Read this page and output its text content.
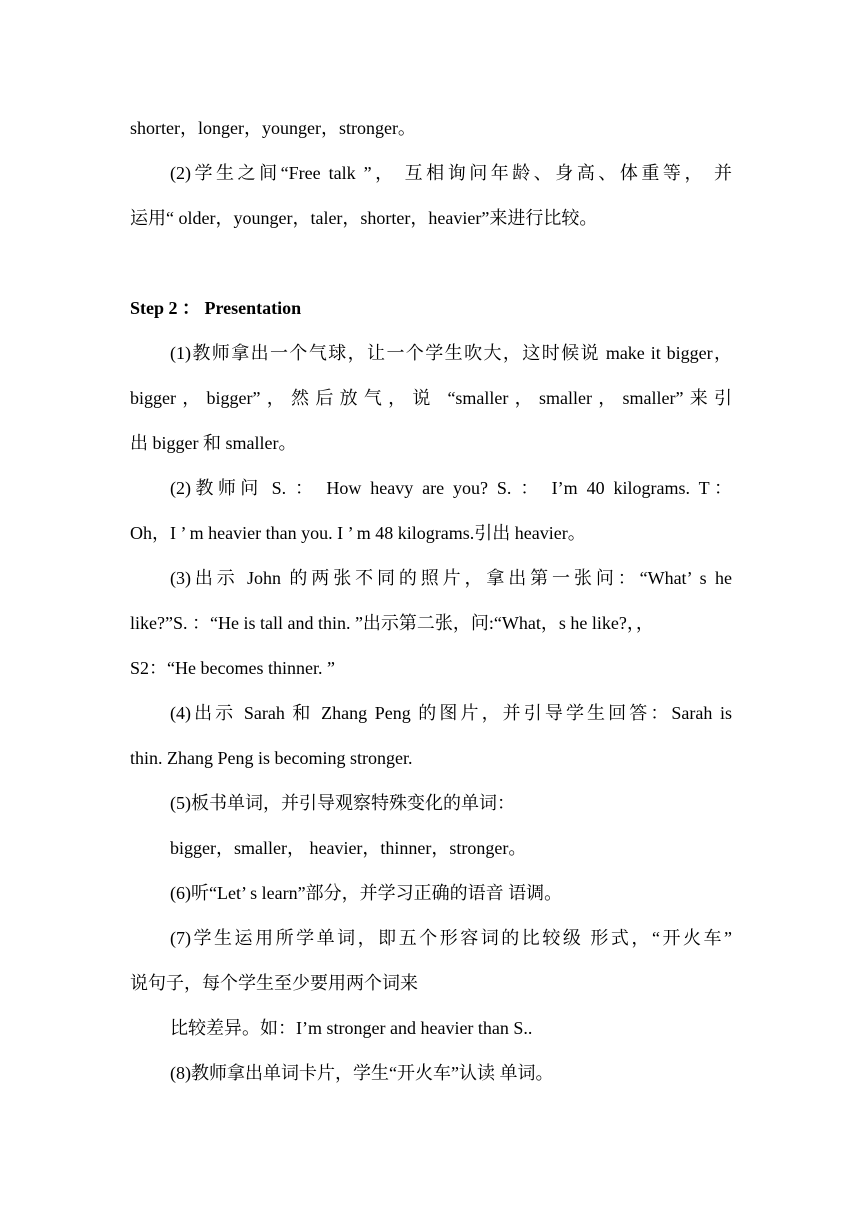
shorter，longer，younger，stronger。
(2)学生之间“Free talk ”， 互相询问年龄、身高、体重等， 并
运用“ older，younger，taler，shorter，heavier”来进行比较。
Step 2 ： Presentation
(1)教师拿出一个气球，让一个学生吹大，这时候说 make it bigger，
bigger，bigger”，然后放气，说 “smaller，smaller，smaller”来引
出 bigger 和 smaller。
(2)教师问 S. ： How heavy are you? S. ： I’m 40 kilograms. T：
Oh，I ’ m heavier than you. I ’ m 48 kilograms.引出 heavier。
(3)出示 John 的两张不同的照片，拿出第一张问：“What’ s he
like?”S. ：“He is tall and thin. ”出示第二张，问:“What，s he like?，，
S2：“He becomes thinner. ”
(4)出示 Sarah 和 Zhang Peng 的图片，并引导学生回答：Sarah is
thin. Zhang Peng is becoming stronger.
(5)板书单词，并引导观察特殊变化的单词：
bigger，smaller， heavier，thinner，stronger。
(6)听“Let’ s learn”部分，并学习正确的语音 语调。
(7)学生运用所学单词，即五个形容词的比较级 形式，“开火车”
说句子，每个学生至少要用两个词来
比较差异。如：I’m stronger and heavier than S..
(8)教师拿出单词卡片，学生“开火车”认读 单词。
